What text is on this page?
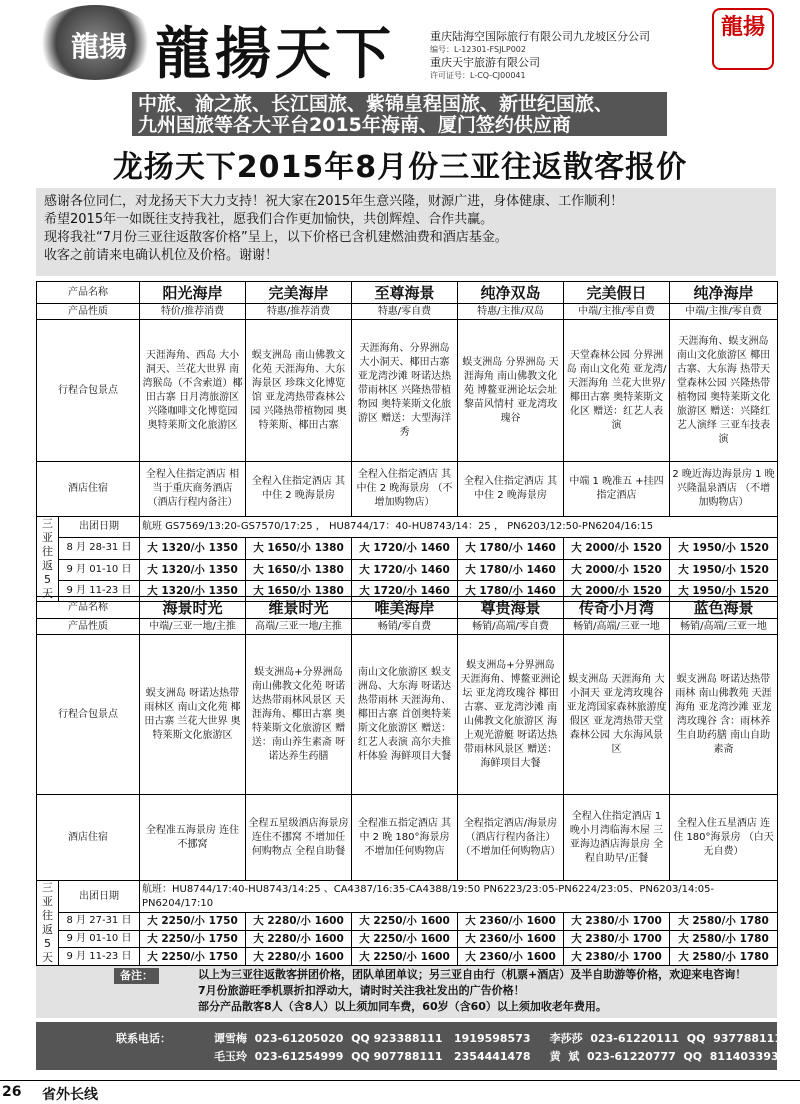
龍揚 龍揚天下	重庆陆海空国际旅行有限公司九龙坡区分公司
编号：L-12301-FSJLP002
重庆天宇旅游有限公司
许可证号：L-CQ-CJ00041
龍揚
中旅、渝之旅、长江国旅、紫锦皇程国旅、新世纪国旅、
九州国旅等各大平台2015年海南、厦门签约供应商
龙扬天下2015年8月份三亚往返散客报价

感谢各位同仁，对龙扬天下大力支持！祝大家在2015年生意兴隆，财源广进，身体健康、工作顺利！

希望2015年一如既往支持我社，愿我们合作更加愉快，共创辉煌、合作共赢。

现将我社“7月份三亚往返散客价格”呈上，以下价格已含机建燃油费和酒店基金。

收客之前请来电确认机位及价格。谢谢！

产品名称		阳光海岸	完美海岸	至尊海景	纯净双岛	完美假日	纯净海岸
产品性质		特价/推荐消费	特惠/推荐消费	特惠/零自费	特惠/主推/双岛	中端/主推/零自费	中端/主推/零自费
行程合包景点		天涯海角、西岛 大小洞天、兰花大世界 南湾猴岛（不含索道）椰田古寨 日月湾旅游区 兴隆咖啡文化博览园 奥特莱斯文化旅游区	蜈支洲岛 南山佛教文化苑 天涯海角、大东海景区 珍珠文化博览馆 亚龙湾热带森林公园 兴隆热带植物园 奥特莱斯、椰田古寨	天涯海角、分界洲岛 大小洞天、椰田古寨 亚龙湾沙滩 呀诺达热带雨林区 兴隆热带植物园 奥特莱斯文化旅游区 赠送：大型海洋秀	蜈支洲岛 分界洲岛 天涯海角 南山佛教文化苑 博鳌亚洲论坛会址 黎苗风情村 亚龙湾玫瑰谷	天堂森林公园 分界洲岛 南山文化苑 亚龙湾/天涯海角 兰花大世界/椰田古寨 奥特莱斯文化区 赠送：红艺人表演	天涯海角、蜈支洲岛 南山文化旅游区 椰田古寨、大东海 热带天堂森林公园 兴隆热带植物园 奥特莱斯文化旅游区 赠送：兴隆红艺人演绎 三亚车技表演
酒店住宿		全程入住指定酒店 相当于重庆商务酒店 （酒店行程内备注）	全程入住指定酒店 其中住 2 晚海景房	全程入住指定酒店 其中住 2 晚海景房 （不增加购物店）	全程入住指定酒店 其中住 2 晚海景房	中端 1 晚准五 +挂四指定酒店	2 晚近海边海景房 1 晚兴隆温泉酒店 （不增加购物店）

三亚
往返
5天	出团日期	航班 GS7569/13:20-GS7570/17:25 ， HU8744/17：40-HU8743/14：25 ， PN6203/12:50-PN6204/16:15					
	8 月 28-31 日	大 1320/小 1350	大 1650/小 1380	大 1720/小 1460	大 1780/小 1460	大 2000/小 1520	大 1950/小 1520
	9 月 01-10 日	大 1320/小 1350	大 1650/小 1380	大 1720/小 1460	大 1780/小 1460	大 2000/小 1520	大 1950/小 1520
	9 月 11-23 日	大 1320/小 1350	大 1650/小 1380	大 1720/小 1460	大 1780/小 1460	大 2000/小 1520	大 1950/小 1520
产品名称		海景时光	维景时光	唯美海岸	尊贵海景	传奇小月湾	蓝色海景
产品性质		中端/三亚一地/主推	高端/三亚一地/主推	畅销/零自费	畅销/高端/零自费	畅销/高端/三亚一地	畅销/高端/三亚一地
行程合包景点		蜈支洲岛 呀诺达热带雨林区 南山文化苑 椰田古寨 兰花大世界 奥特莱斯文化旅游区	蜈支洲岛+分界洲岛 南山佛教文化苑 呀诺达热带雨林风景区 天涯海角、椰田古寨 奥特莱斯文化旅游区 赠送：南山养生素斋 呀诺达养生药膳	南山文化旅游区 蜈支洲岛、大东海 呀诺达热带雨林 天涯海角、椰田古寨 首创奥特莱斯文化旅游区 赠送：红艺人表演 高尔夫推杆体验 海鲜项目大餐	蜈支洲岛+分界洲岛 天涯海角、博鳌亚洲论坛 亚龙湾玫瑰谷 椰田古寨、亚龙湾沙滩 南山佛教文化旅游区 海上观光游艇 呀诺达热带雨林风景区 赠送：海鲜项目大餐	蜈支洲岛 天涯海角 大小洞天 亚龙湾玫瑰谷 亚龙湾国家森林旅游度假区 亚龙湾热带天堂森林公园 大东海风景区	蜈支洲岛 呀诺达热带雨林 南山佛教苑 天涯海角 亚龙湾沙滩 亚龙湾玫瑰谷 含：雨林养生自助药膳 南山自助素斋
酒店住宿		全程准五海景房 连住不挪窝	全程五星级酒店海景房 连住不挪窝 不增加任何购物点 全程自助餐	全程准五指定酒店 其中 2 晚 180°海景房 不增加任何购物店	全程指定酒店/海景房 （酒店行程内备注） （不增加任何购物店）	全程入住指定酒店 1 晚小月湾临海木屋 三亚海边酒店海景房 全程自助早/正餐	全程入住五星酒店 连住 180°海景房 （白天无自费）

三亚
往返
5天	出团日期	航班：HU8744/17:40-HU8743/14:25 、CA4387/16:35-CA4388/19:50 PN6223/23:05-PN6224/23:05、PN6203/14:05-PN6204/17:10					
	8 月 27-31 日	大 2250/小 1750	大 2280/小 1600	大 2250/小 1600	大 2360/小 1600	大 2380/小 1700	大 2580/小 1780
	9 月 01-10 日	大 2250/小 1750	大 2280/小 1600	大 2250/小 1600	大 2360/小 1600	大 2380/小 1700	大 2580/小 1780
	9 月 11-23 日	大 2250/小 1750	大 2280/小 1600	大 2250/小 1600	大 2360/小 1600	大 2380/小 1700	大 2580/小 1780
备注：	以上为三亚往返散客拼团价格，团队单团单议；另三亚自由行（机票+酒店）及半自助游等价格，欢迎来电咨询！
7月份旅游旺季机票折扣浮动大，请时时关注我社发出的广告价格！
部分产品散客8人（含8人）以上须加同车费，60岁（含60）以上须加收老年费用。
联系电话：	谭雪梅  023-61205020  QQ 923388111   1919598573     李莎莎  023-61220111  QQ  937788111
毛玉玲  023-61254999  QQ 907788111   2354441478     黄  斌  023-61220777  QQ  811403393
26 省外长线
